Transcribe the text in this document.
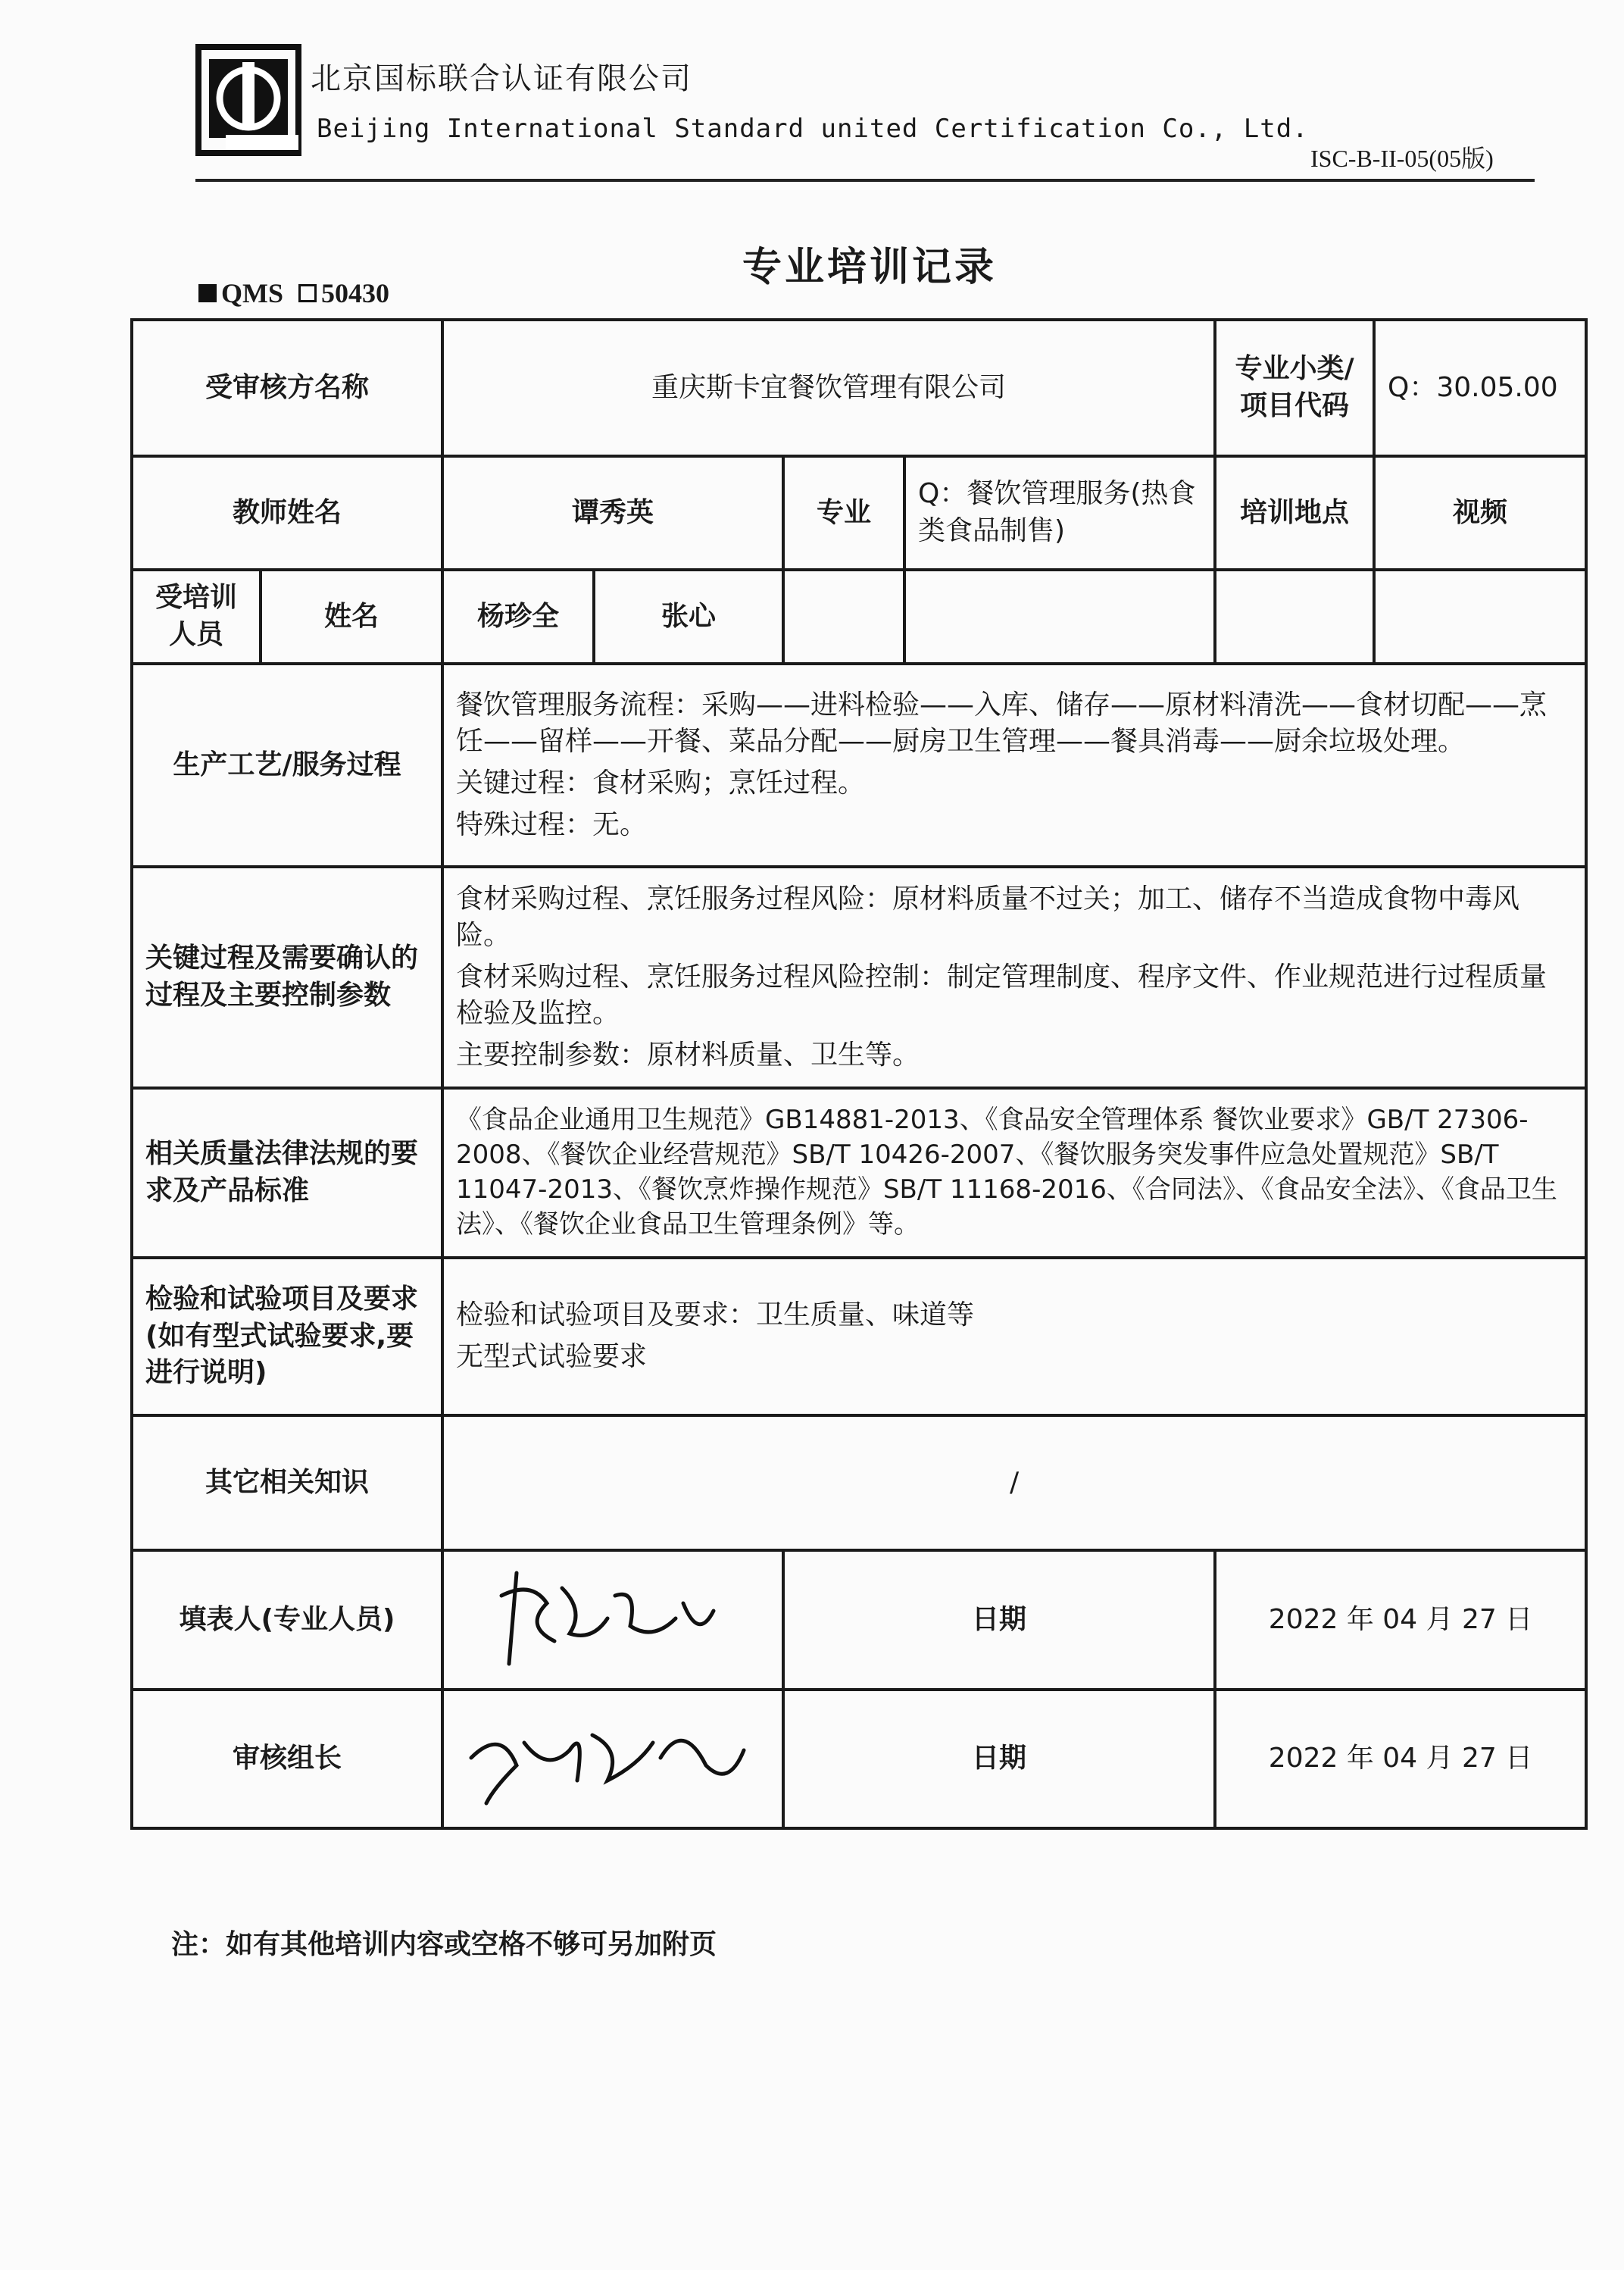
北京国标联合认证有限公司
Beijing International Standard united Certification Co., Ltd.
ISC-B-II-05(05版)
专业培训记录
QMS 50430
受审核方名称		重庆斯卡宜餐饮管理有限公司				专业小类/项目代码	Q：30.05.00
教师姓名		谭秀英		专业	Q：餐饮管理服务(热食类食品制售)	培训地点	视频
受培训人员	姓名	杨珍全	张心				
生产工艺/服务过程		餐饮管理服务流程：采购——进料检验——入库、储存——原材料清洗——食材切配——烹饪——留样——开餐、菜品分配——厨房卫生管理——餐具消毒——厨余垃圾处理。

关键过程：食材采购；烹饪过程。

特殊过程：无。					

关键过程及需要确认的过程及主要控制参数		食材采购过程、烹饪服务过程风险：原材料质量不过关；加工、储存不当造成食物中毒风险。

食材采购过程、烹饪服务过程风险控制：制定管理制度、程序文件、作业规范进行过程质量检验及监控。

主要控制参数：原材料质量、卫生等。					

相关质量法律法规的要求及产品标准		《食品企业通用卫生规范》GB14881-2013、《食品安全管理体系 餐饮业要求》GB/T 27306-2008、《餐饮企业经营规范》SB/T 10426-2007、《餐饮服务突发事件应急处置规范》SB/T 11047-2013、《餐饮烹炸操作规范》SB/T 11168-2016、《合同法》、《食品安全法》、《食品卫生法》、《餐饮企业食品卫生管理条例》等。					
检验和试验项目及要求(如有型式试验要求,要进行说明)		检验和试验项目及要求：卫生质量、味道等

无型式试验要求					

其它相关知识		/					
填表人(专业人员)				日期		2022 年 04 月 27 日	
审核组长				日期		2022 年 04 月 27 日	
注：如有其他培训内容或空格不够可另加附页
